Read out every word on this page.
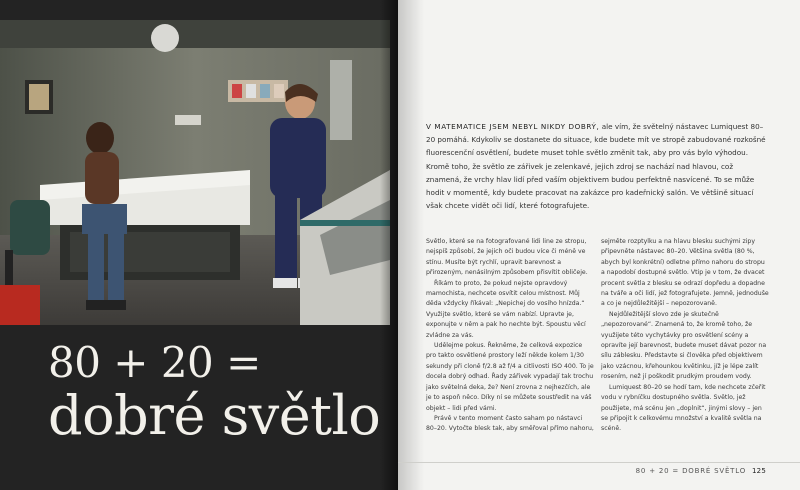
80 + 20 =
dobré světlo

V MATEMATICE JSEM NEBYL NIKDY DOBRÝ, ale vím, že světelný nástavec Lumiquest 80–20 pomáhá. Kdykoliv se dostanete do situace, kde budete mít ve stropě zabudované rozkošné fluorescenční osvětlení, budete muset tohle světlo změnit tak, aby pro vás bylo výhodou. Kromě toho, že světlo ze zářivek je zelenkavé, jejich zdroj se nachází nad hlavou, což znamená, že vrchy hlav lidí před vaším objektivem budou perfektně nasvícené. To se může hodit v momentě, kdy budete pracovat na zakázce pro kadeřnický salón. Ve většině situací však chcete vidět oči lidí, které fotografujete.

Světlo, které se na fotografované lidi line ze stropu, nejspíš způsobí, že jejich oči budou více či méně ve stínu. Musíte být rychlí, upravit barevnost a přirozeným, nenásilným způsobem přisvítit obličeje.

Říkám to proto, že pokud nejste opravdový mamochista, nechcete osvítit celou místnost. Můj děda vždycky říkával: „Nepichej do vosího hnízda.“ Využijte světlo, které se vám nabízí. Upravte je, exponujte v něm a pak ho nechte být. Spoustu věcí zvládne za vás.

Udělejme pokus. Řekněme, že celková expozice pro takto osvětlené prostory leží někde kolem 1/30 sekundy při cloně f/2.8 až f/4 a citlivosti ISO 400. To je docela dobrý odhad. Řady zářivek vypadají tak trochu jako světelná deka, že? Není zrovna z nejhezčích, ale je to aspoň něco. Díky ní se můžete soustředit na váš objekt – lidi před vámi.

Právě v tento moment často saham po nástavci 80–20. Vytočte blesk tak, aby směřoval přímo nahoru,

sejměte rozptylku a na hlavu blesku suchými zipy připevněte nástavec 80–20. Většina světla (80 %, abych byl konkrétní) odletne přímo nahoru do stropu a napodobí dostupné světlo. Vtip je v tom, že dvacet procent světla z blesku se odrazí dopředu a dopadne na tváře a oči lidí, jež fotografujete. Jemně, jednoduše a co je nejdůležitější – nepozorovaně.

Nejdůležitější slovo zde je skutečně „nepozorované“. Znamená to, že kromě toho, že využijete této vychytávky pro osvětlení scény a opravíte její barevnost, budete muset dávat pozor na sílu záblesku. Představte si člověka před objektivem jako vzácnou, křehounkou květinku, jíž je lépe zalít rosením, než jí poškodit prudkým proudem vody.

Lumiquest 80–20 se hodí tam, kde nechcete zčeřit vodu v rybníčku dostupného světla. Světlo, jež použijete, má scénu jen „doplnit“, jinými slovy – jen se připojit k celkovému množství a kvalitě světla na scéně.

80 + 20 = DOBRÉ SVĚTLO 125
